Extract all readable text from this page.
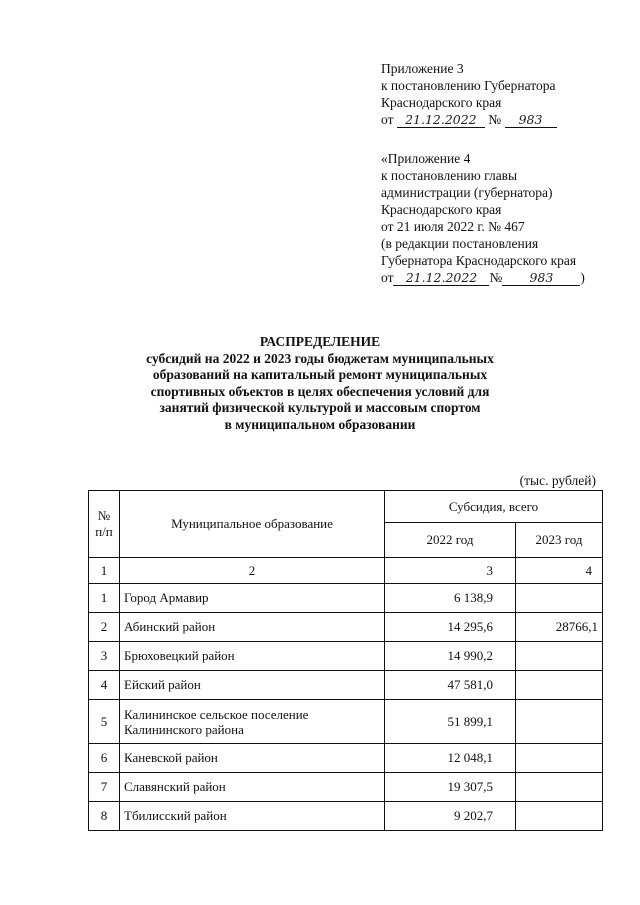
Приложение 3
к постановлению Губернатора
Краснодарского края
от 21.12.2022 № 983
«Приложение 4
к постановлению главы
администрации (губернатора)
Краснодарского края
от 21 июля 2022 г. № 467
(в редакции постановления
Губернатора Краснодарского края
от 21.12.2022 № 983 )
РАСПРЕДЕЛЕНИЕ
субсидий на 2022 и 2023 годы бюджетам муниципальных
образований на капитальный ремонт муниципальных
спортивных объектов в целях обеспечения условий для
занятий физической культурой и массовым спортом
в муниципальном образовании
(тыс. рублей)
№ п/п	Муниципальное образование	Субсидия, всего	
		2022 год	2023 год
1	2	3	4
1	Город Армавир	6 138,9	
2	Абинский район	14 295,6	28766,1
3	Брюховецкий район	14 990,2	
4	Ейский район	47 581,0	
5	Калининское сельское поселение Калининского района	51 899,1	
6	Каневской район	12 048,1	
7	Славянский район	19 307,5	
8	Тбилисский район	9 202,7	
